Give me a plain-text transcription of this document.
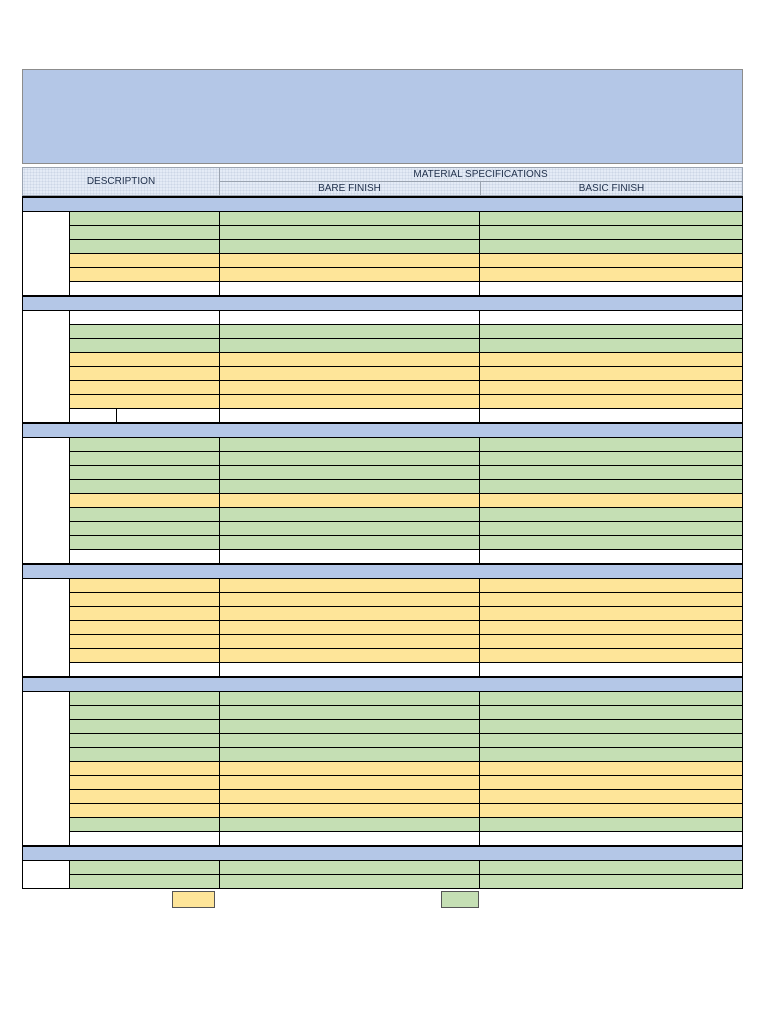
DESCRIPTION
MATERIAL SPECIFICATIONS
BARE FINISH	BASIC FINISH
